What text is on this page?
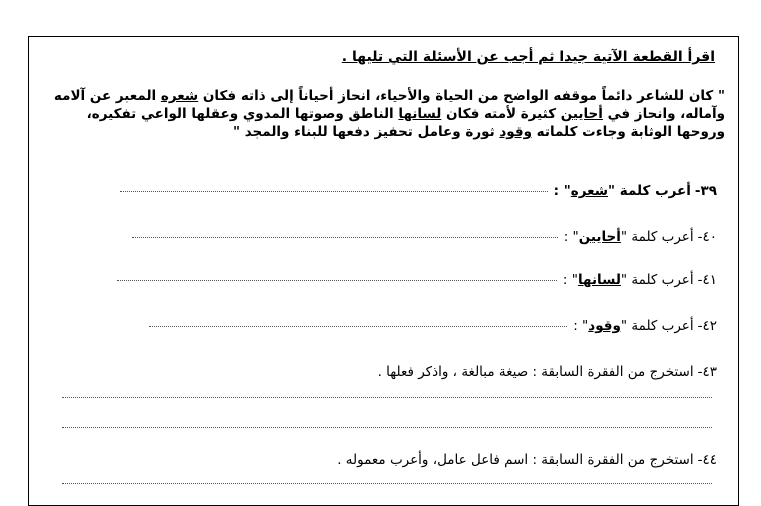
اقرأ القطعة الآتية جيدا ثم أجب عن الأسئلة التي تليها .
" كان للشاعر دائماً موقفه الواضح من الحياة والأحياء، انحاز أحياناً إلى ذاته فكان شعره المعبر عن آلامه وآماله، وانحاز في أحايين كثيرة لأمته فكان لسانها الناطق وصوتها المدوي وعقلها الواعي تفكيره، وروحها الوثابة وجاءت كلماته وقود ثورة وعامل تحفيز دفعها للبناء والمجد "
٣٩-
أعرب كلمة "
شعره
" :
٤٠-
أعرب كلمة "
أحايين
" :
٤١-
أعرب كلمة "
لسانها
" :
٤٢-
أعرب كلمة "
وقود
" :
٤٣-
استخرج من الفقرة السابقة : صيغة مبالغة ، واذكر فعلها .
٤٤-
استخرج من الفقرة السابقة : اسم فاعل عامل، وأعرب معموله .
